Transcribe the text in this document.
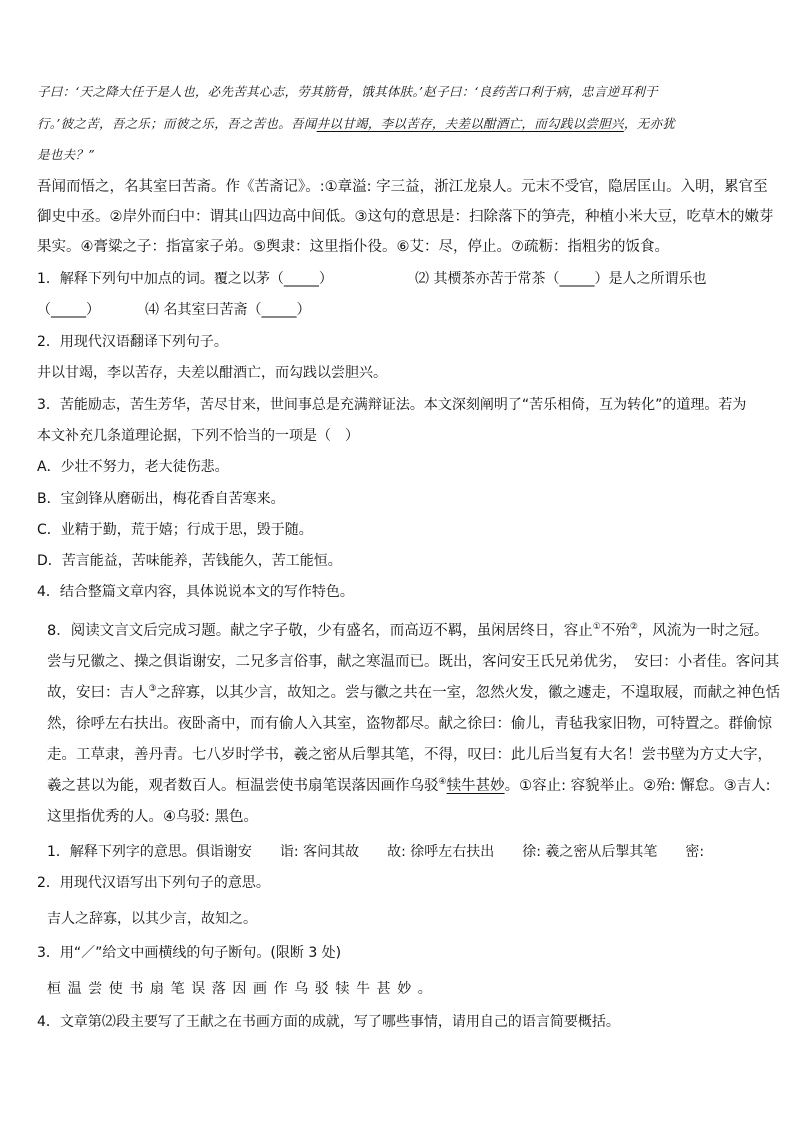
子曰：‘天之降大任于是人也，必先苦其心志，劳其筋骨，饿其体肤。’赵子曰：‘良药苦口利于病，忠言逆耳利于
行。’彼之苦，吾之乐；而彼之乐，吾之苦也。吾闻井以甘竭，李以苦存，夫差以酣酒亡，而勾践以尝胆兴，无亦犹
是也夫？”
吾闻而悟之，名其室曰苦斋。作《苦斋记》。:①章溢: 字三益，浙江龙泉人。元末不受官，隐居匡山。入明，累官至
御史中丞。②岸外而臼中：谓其山四边高中间低。③这句的意思是：扫除落下的笋壳，种植小米大豆，吃草木的嫩芽
果实。④膏粱之子：指富家子弟。⑤舆隶：这里指仆役。⑥艾：尽，停止。⑦疏粝：指粗劣的饭食。
1．解释下列句中加点的词。覆之以茅（_____）	⑵ 其槚茶亦苦于常茶（_____）是人之所谓乐也
（_____）	⑷ 名其室曰苦斋（_____）
2．用现代汉语翻译下列句子。
井以甘竭，李以苦存，夫差以酣酒亡，而勾践以尝胆兴。
3．苦能励志，苦生芳华，苦尽甘来，世间事总是充满辩证法。本文深刻阐明了“苦乐相倚，互为转化”的道理。若为
本文补充几条道理论据，下列不恰当的一项是（　）
A．少壮不努力，老大徒伤悲。
B．宝剑锋从磨砺出，梅花香自苦寒来。
C．业精于勤，荒于嬉；行成于思，毁于随。
D．苦言能益，苦味能养，苦钱能久，苦工能恒。
4．结合整篇文章内容，具体说说本文的写作特色。
8．阅读文言文后完成习题。献之字子敬，少有盛名，而高迈不羁，虽闲居终日，容止①不殆②，风流为一时之冠。
尝与兄徽之、操之俱诣谢安，二兄多言俗事，献之寒温而已。既出，客问安王氏兄弟优劣，　安曰：小者佳。客问其
故，安曰：吉人③之辞寡，以其少言，故知之。尝与徽之共在一室，忽然火发，徽之遽走，不遑取屐，而献之神色恬
然，徐呼左右扶出。夜卧斋中，而有偷人入其室，盗物都尽。献之徐曰：偷儿，青毡我家旧物，可特置之。群偷惊
走。工草隶，善丹青。七八岁时学书，羲之密从后掣其笔，不得，叹曰：此儿后当复有大名！尝书壁为方丈大字，
羲之甚以为能，观者数百人。桓温尝使书扇笔误落因画作乌驳④犊牛甚妙。①容止: 容貌举止。②殆: 懈怠。③吉人:
这里指优秀的人。④乌驳: 黑色。
1．解释下列字的意思。俱诣谢安　　诣: 客问其故　　故: 徐呼左右扶出　　徐: 羲之密从后掣其笔　　密:
2．用现代汉语写出下列句子的意思。
吉人之辞寡，以其少言，故知之。
3．用“／”给文中画横线的句子断句。(限断 3 处)
桓温尝使书扇笔误落因画作乌驳犊牛甚妙。
4．文章第⑵段主要写了王献之在书画方面的成就，写了哪些事情，请用自己的语言简要概括。
